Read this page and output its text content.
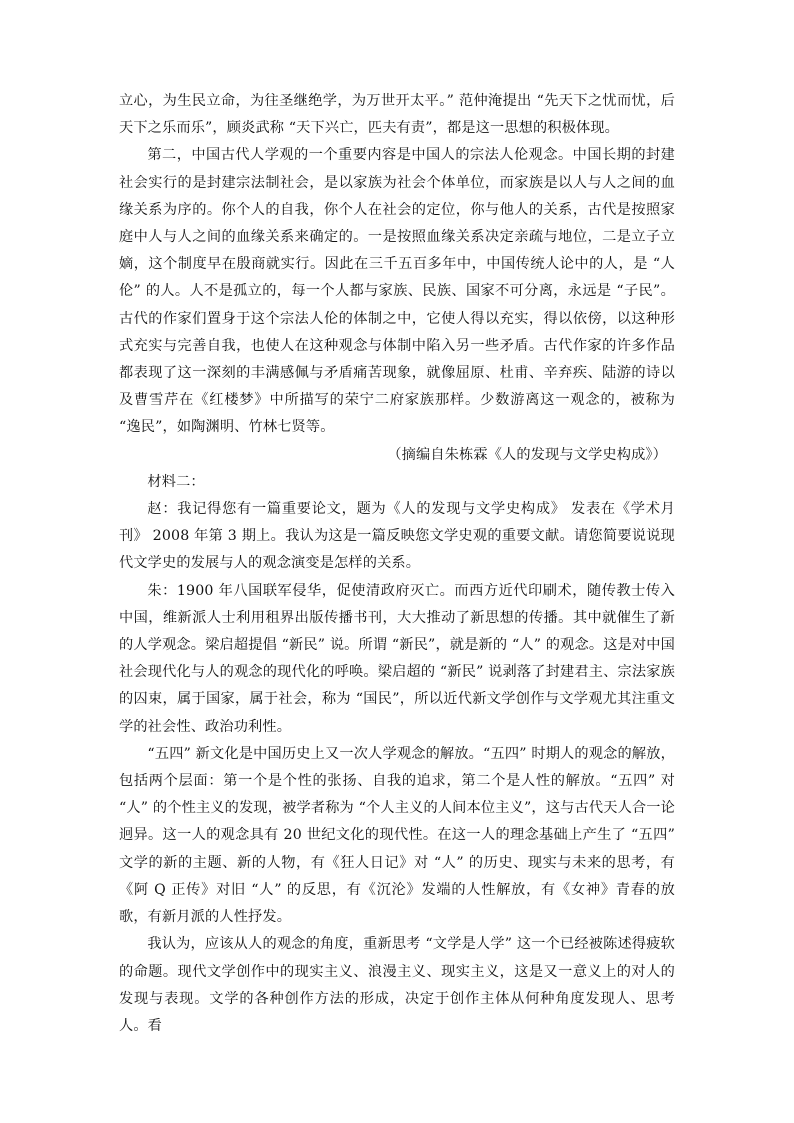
立心，为生民立命，为往圣继绝学，为万世开太平。” 范仲淹提出 “先天下之忧而忧，后天下之乐而乐”，顾炎武称 “天下兴亡，匹夫有责”，都是这一思想的积极体现。

第二，中国古代人学观的一个重要内容是中国人的宗法人伦观念。中国长期的封建社会实行的是封建宗法制社会，是以家族为社会个体单位，而家族是以人与人之间的血缘关系为序的。你个人的自我，你个人在社会的定位，你与他人的关系，古代是按照家庭中人与人之间的血缘关系来确定的。一是按照血缘关系决定亲疏与地位，二是立子立嫡，这个制度早在殷商就实行。因此在三千五百多年中，中国传统人论中的人，是 “人伦” 的人。人不是孤立的，每一个人都与家族、民族、国家不可分离，永远是 “子民”。古代的作家们置身于这个宗法人伦的体制之中，它使人得以充实，得以依傍，以这种形式充实与完善自我，也使人在这种观念与体制中陷入另一些矛盾。古代作家的许多作品都表现了这一深刻的丰满感佩与矛盾痛苦现象，就像屈原、杜甫、辛弃疾、陆游的诗以及曹雪芹在《红楼梦》中所描写的荣宁二府家族那样。少数游离这一观念的，被称为 “逸民”，如陶渊明、竹林七贤等。

（摘编自朱栋霖《人的发现与文学史构成》）

材料二：

赵：我记得您有一篇重要论文，题为《人的发现与文学史构成》 发表在《学术月刊》 2008 年第 3 期上。我认为这是一篇反映您文学史观的重要文献。请您简要说说现代文学史的发展与人的观念演变是怎样的关系。

朱：1900 年八国联军侵华，促使清政府灭亡。而西方近代印刷术，随传教士传入中国，维新派人士利用租界出版传播书刊，大大推动了新思想的传播。其中就催生了新的人学观念。梁启超提倡 “新民” 说。所谓 “新民”，就是新的 “人” 的观念。这是对中国社会现代化与人的观念的现代化的呼唤。梁启超的 “新民” 说剥落了封建君主、宗法家族的囚束，属于国家，属于社会，称为 “国民”，所以近代新文学创作与文学观尤其注重文学的社会性、政治功利性。

“五四” 新文化是中国历史上又一次人学观念的解放。“五四” 时期人的观念的解放，包括两个层面：第一个是个性的张扬、自我的追求，第二个是人性的解放。“五四” 对 “人” 的个性主义的发现，被学者称为 “个人主义的人间本位主义”，这与古代天人合一论迥异。这一人的观念具有 20 世纪文化的现代性。在这一人的理念基础上产生了 “五四” 文学的新的主题、新的人物，有《狂人日记》对 “人” 的历史、现实与未来的思考，有《阿 Q 正传》对旧 “人” 的反思，有《沉沦》发端的人性解放，有《女神》青春的放歌，有新月派的人性抒发。

我认为，应该从人的观念的角度，重新思考 “文学是人学” 这一个已经被陈述得疲软的命题。现代文学创作中的现实主义、浪漫主义、现实主义，这是又一意义上的对人的发现与表现。文学的各种创作方法的形成，决定于创作主体从何种角度发现人、思考人。看
